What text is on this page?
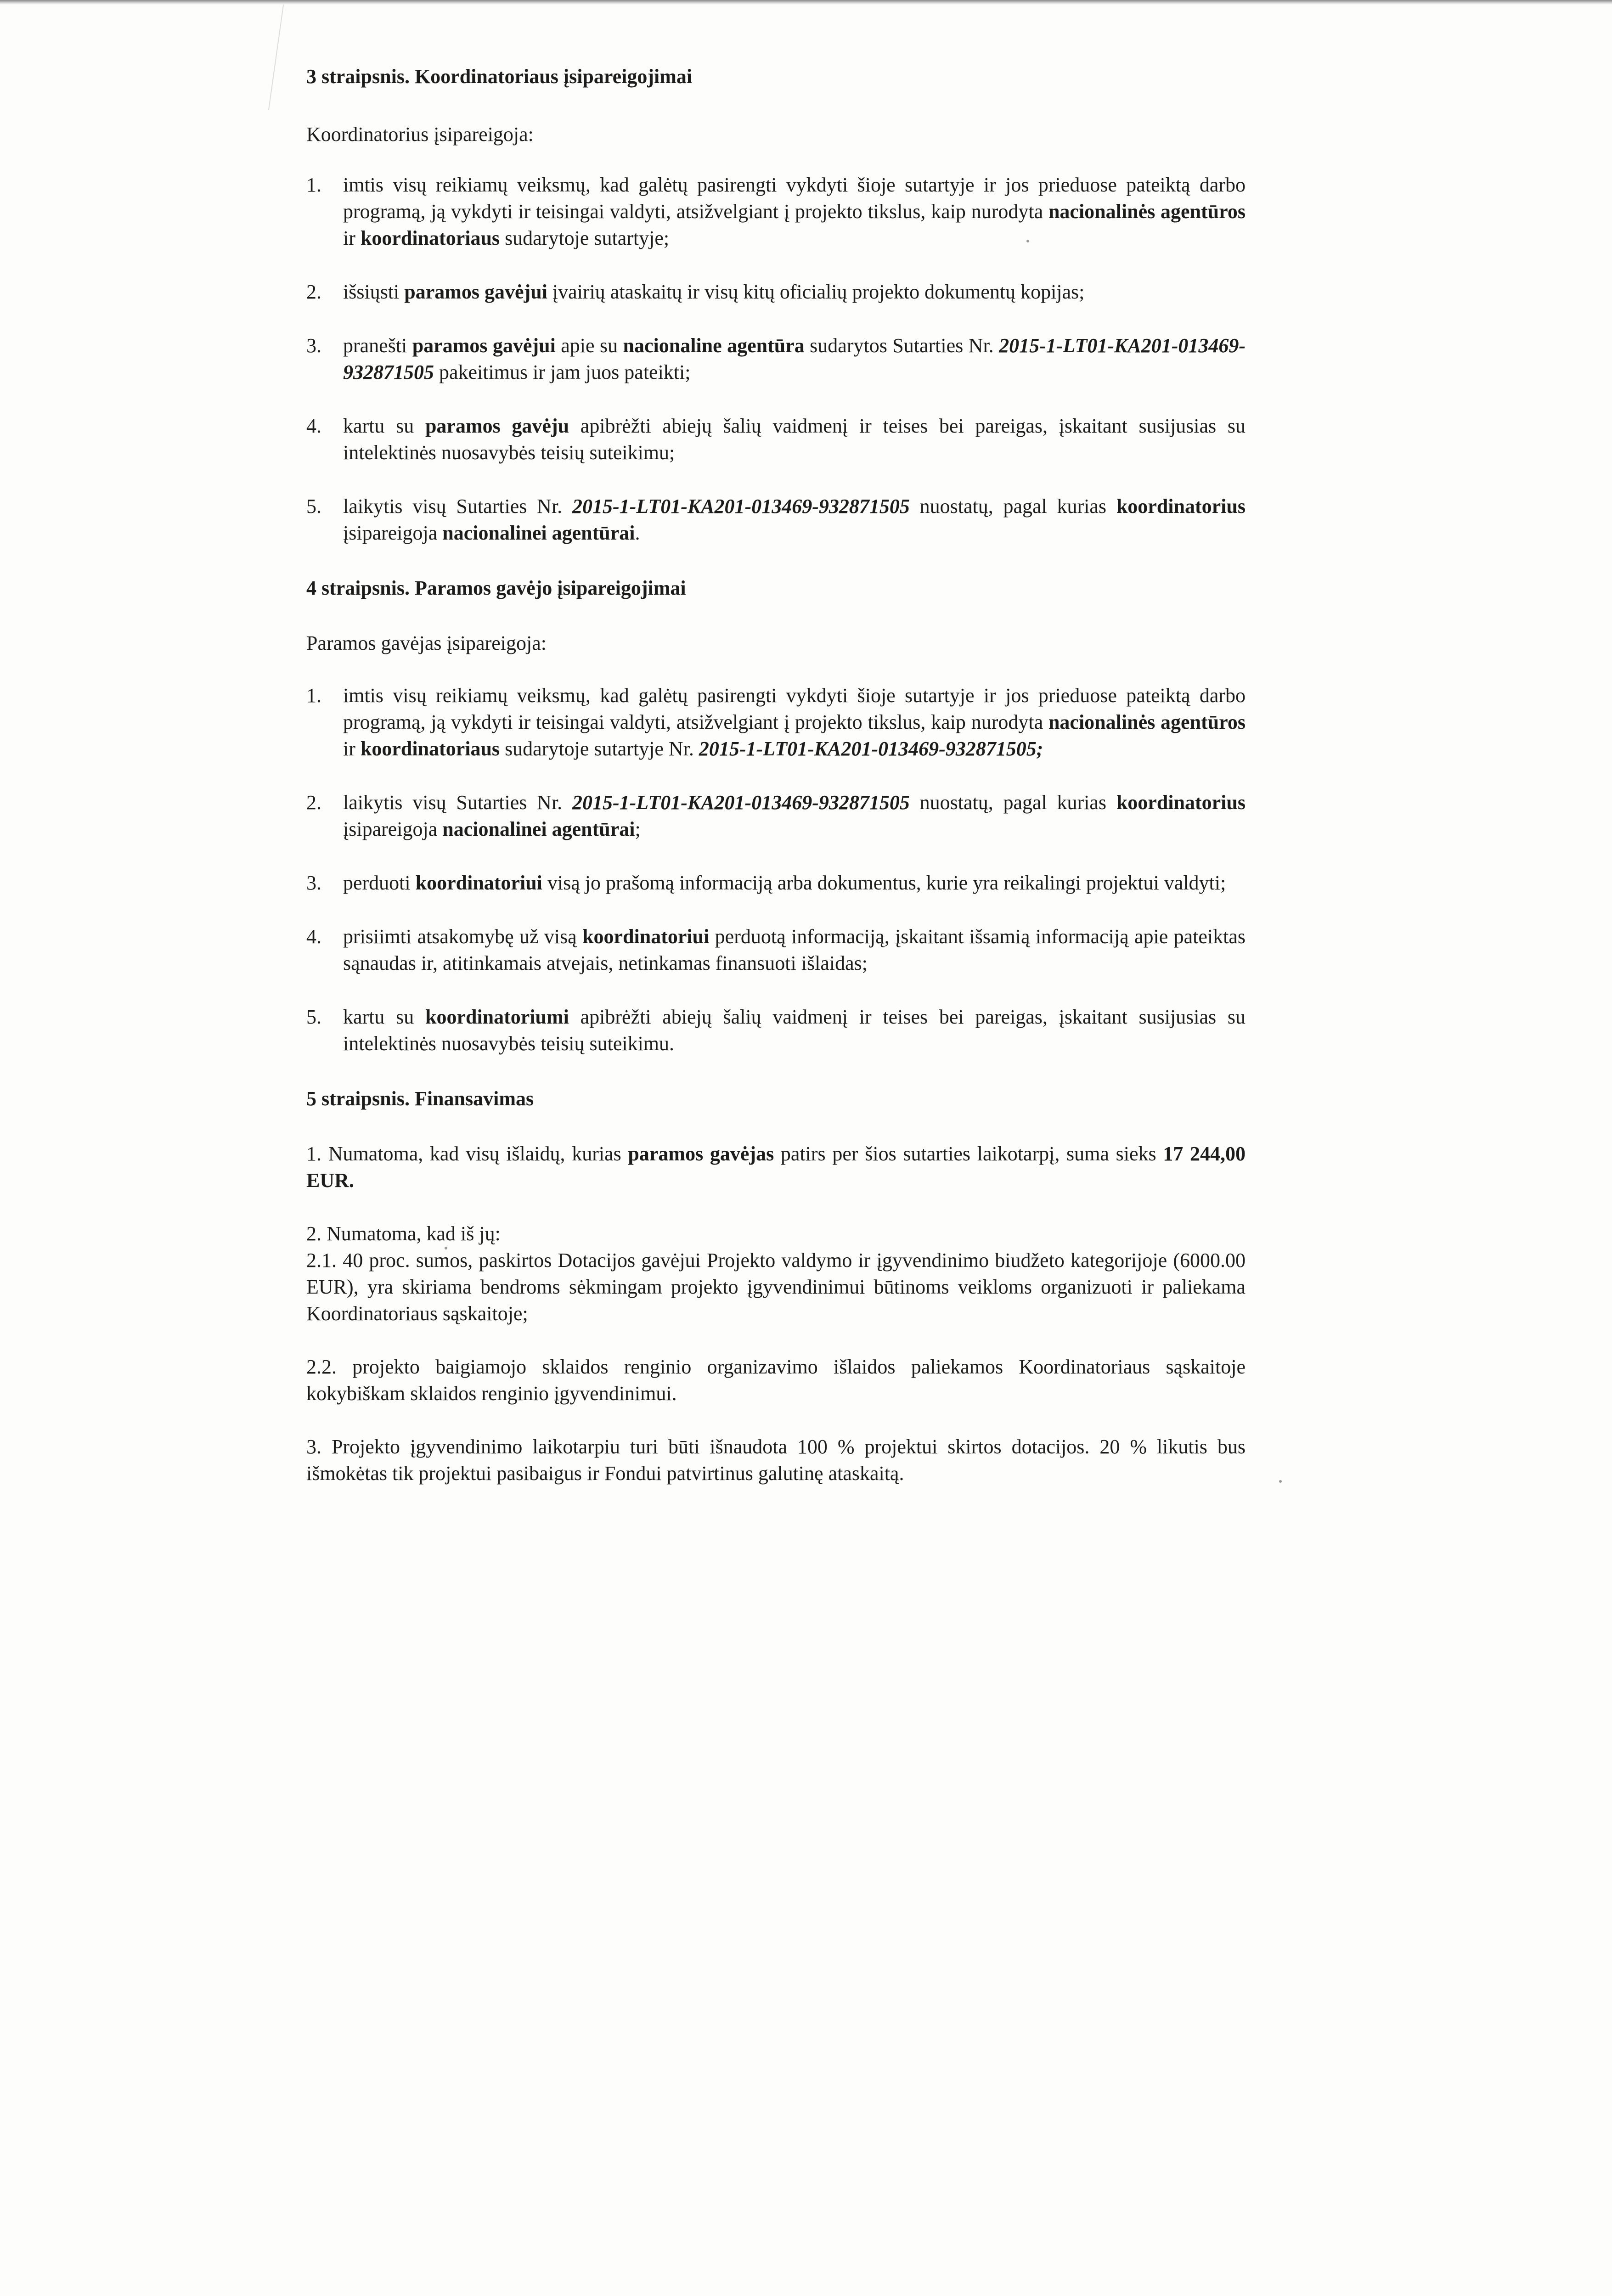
3 straipsnis. Koordinatoriaus įsipareigojimai

Koordinatorius įsipareigoja:

1. imtis visų reikiamų veiksmų, kad galėtų pasirengti vykdyti šioje sutartyje ir jos prieduose pateiktą darbo programą, ją vykdyti ir teisingai valdyti, atsižvelgiant į projekto tikslus, kaip nurodyta nacionalinės agentūros ir koordinatoriaus sudarytoje sutartyje;
2. išsiųsti paramos gavėjui įvairių ataskaitų ir visų kitų oficialių projekto dokumentų kopijas;
3. pranešti paramos gavėjui apie su nacionaline agentūra sudarytos Sutarties Nr. 2015-1-LT01-KA201-013469-932871505 pakeitimus ir jam juos pateikti;
4. kartu su paramos gavėju apibrėžti abiejų šalių vaidmenį ir teises bei pareigas, įskaitant susijusias su intelektinės nuosavybės teisių suteikimu;
5. laikytis visų Sutarties Nr. 2015-1-LT01-KA201-013469-932871505 nuostatų, pagal kurias koordinatorius įsipareigoja nacionalinei agentūrai.

4 straipsnis. Paramos gavėjo įsipareigojimai

Paramos gavėjas įsipareigoja:

1. imtis visų reikiamų veiksmų, kad galėtų pasirengti vykdyti šioje sutartyje ir jos prieduose pateiktą darbo programą, ją vykdyti ir teisingai valdyti, atsižvelgiant į projekto tikslus, kaip nurodyta nacionalinės agentūros ir koordinatoriaus sudarytoje sutartyje Nr. 2015-1-LT01-KA201-013469-932871505;
2. laikytis visų Sutarties Nr. 2015-1-LT01-KA201-013469-932871505 nuostatų, pagal kurias koordinatorius įsipareigoja nacionalinei agentūrai;
3. perduoti koordinatoriui visą jo prašomą informaciją arba dokumentus, kurie yra reikalingi projektui valdyti;
4. prisiimti atsakomybę už visą koordinatoriui perduotą informaciją, įskaitant išsamią informaciją apie pateiktas sąnaudas ir, atitinkamais atvejais, netinkamas finansuoti išlaidas;
5. kartu su koordinatoriumi apibrėžti abiejų šalių vaidmenį ir teises bei pareigas, įskaitant susijusias su intelektinės nuosavybės teisių suteikimu.

5 straipsnis. Finansavimas

1. Numatoma, kad visų išlaidų, kurias paramos gavėjas patirs per šios sutarties laikotarpį, suma sieks 17 244,00 EUR.

2. Numatoma, kad iš jų:

2.1. 40 proc. sumos, paskirtos Dotacijos gavėjui Projekto valdymo ir įgyvendinimo biudžeto kategorijoje (6000.00 EUR), yra skiriama bendroms sėkmingam projekto įgyvendinimui būtinoms veikloms organizuoti ir paliekama Koordinatoriaus sąskaitoje;

2.2. projekto baigiamojo sklaidos renginio organizavimo išlaidos paliekamos Koordinatoriaus sąskaitoje kokybiškam sklaidos renginio įgyvendinimui.

3. Projekto įgyvendinimo laikotarpiu turi būti išnaudota 100 % projektui skirtos dotacijos. 20 % likutis bus išmokėtas tik projektui pasibaigus ir Fondui patvirtinus galutinę ataskaitą.
